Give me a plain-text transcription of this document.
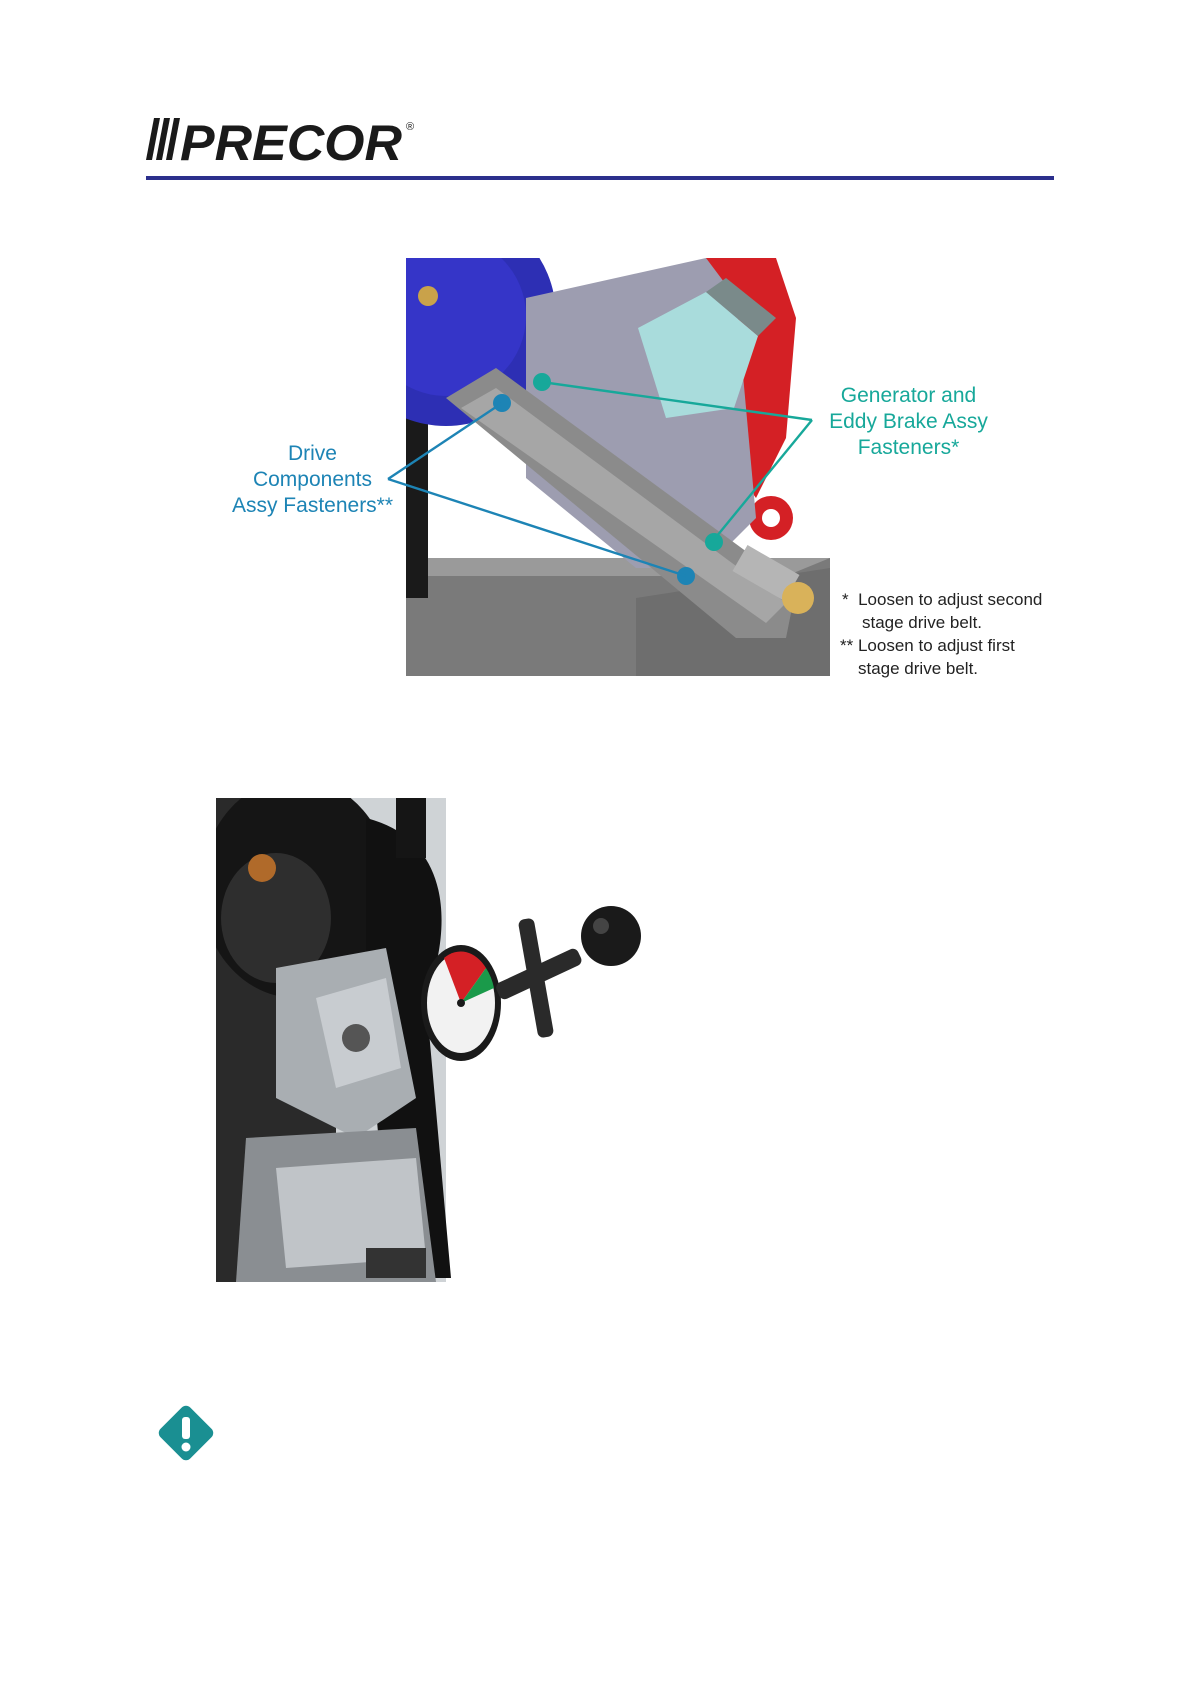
PRECOR ®
Drive
Components
Assy Fasteners**
Generator and
Eddy Brake Assy
Fasteners*
* Loosen to adjust second
stage drive belt.
** Loosen to adjust first
stage drive belt.
